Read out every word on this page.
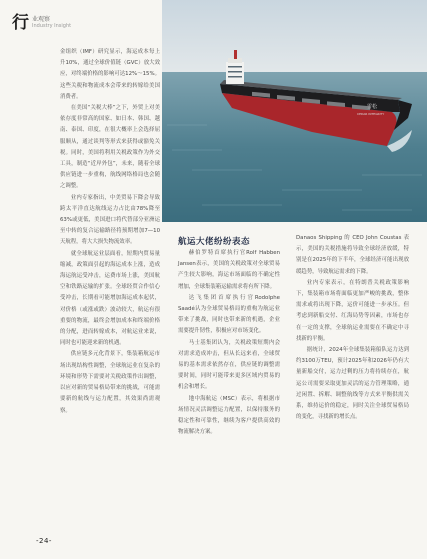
行 业观察
Industry Insight
雪松
CEDAR INTEGRITY
航运大佬纷纷表态

金组织（IMF）研究显示，海运成本每上升10%，通过全球价值链（GVC）放大效应，对终端价格的影响可达12%～15%。这些关税和物流成本会带来的转嫁给美国消费者。

在美国“关税大棒”之下，外贸上对美依存度非常高的国家、如日本、韩国、越南、泰国、印度，在很大概率上会选择屈服顺从，通过谈判等形式来获得或豁免关税。同时，美国将利用关税政策作为外交工具，制造“近岸外包”，未来，随着全球供应链进一步重构，航线网络格局也会随之调整。

业内专家指出，中美贸易下降会导致跨太平洋直达航线运力占比由78%降至63%或更低，美国进口将代替部分亚洲运至中转的复合运输路径将预期增加7—10天航程，将大大损失物流效率。

就全球航运业层面看，短期内贸易量缩减，政策面引起的海运成本上涨，造成海运航运受冲击，运费市场上涨，美国航空和铁路运输的扩张。全球经贸合作信心受冲击，长期看可能增加海运成本起伏，对价格（或涨或跌）波动较大，航运有很重要的物流，最终会增加成本和终端价格的分配，进而转嫁成本，对航运业来说，同时也可能迎来新的机遇。

供应链多元化背景下，集装箱航运市场出现结构性调整，全球航运业在复杂的环境和形势下需要对关税政策作出调整，以应对新的贸易格局带来的挑战，可能需要新的航线与运力配置，其效果尚需观察。

赫伯罗特首席执行官Rolf Habben Jansen表示，美国的关税政策对全球贸易产生较大影响，海运市场面临的不确定性增加，全球集装箱运输需求将有所下降。

达飞集团首席执行官Rodolphe Saadé认为全球贸易格局的重构为航运业带来了挑战，同时也带来新的机遇，企业需要提升韧性，积极应对市场变化。

马士基集团认为，关税政策短期内会对需求造成冲击，但从长远来看，全球贸易的基本需求依然存在，供应链的调整需要时间，同时可能带来更多区域内贸易的机会和增长。

地中海航运（MSC）表示，将根据市场情况灵活调整运力配置，以保持服务的稳定性和可靠性，继续为客户提供高效的物流解决方案。

Danaos Shipping 的 CEO John Coustas 表示，美国的关税措施将导致全球经济放缓，特别是在2025年的下半年，全球经济可能出现放缓趋势，导致航运需求的下降。

业内专家表示，在特朗普关税政策影响下，集装箱市场将面临更加严峻的挑战，整体需求或将出现下降，运价可能进一步承压。但考虑到新船交付、红海局势等因素，市场也存在一定的支撑，全球航运业需要在不确定中寻找新的平衡。

据统计，2024年全球集装箱船队运力达到约3100万TEU，预计2025年和2026年仍有大量新船交付，运力过剩的压力将持续存在，航运公司需要采取更加灵活的运力管理策略，通过闲置、拆解、调整航线等方式来平衡供需关系，维持运价的稳定，同时关注全球贸易格局的变化，寻找新的增长点。

-24-
